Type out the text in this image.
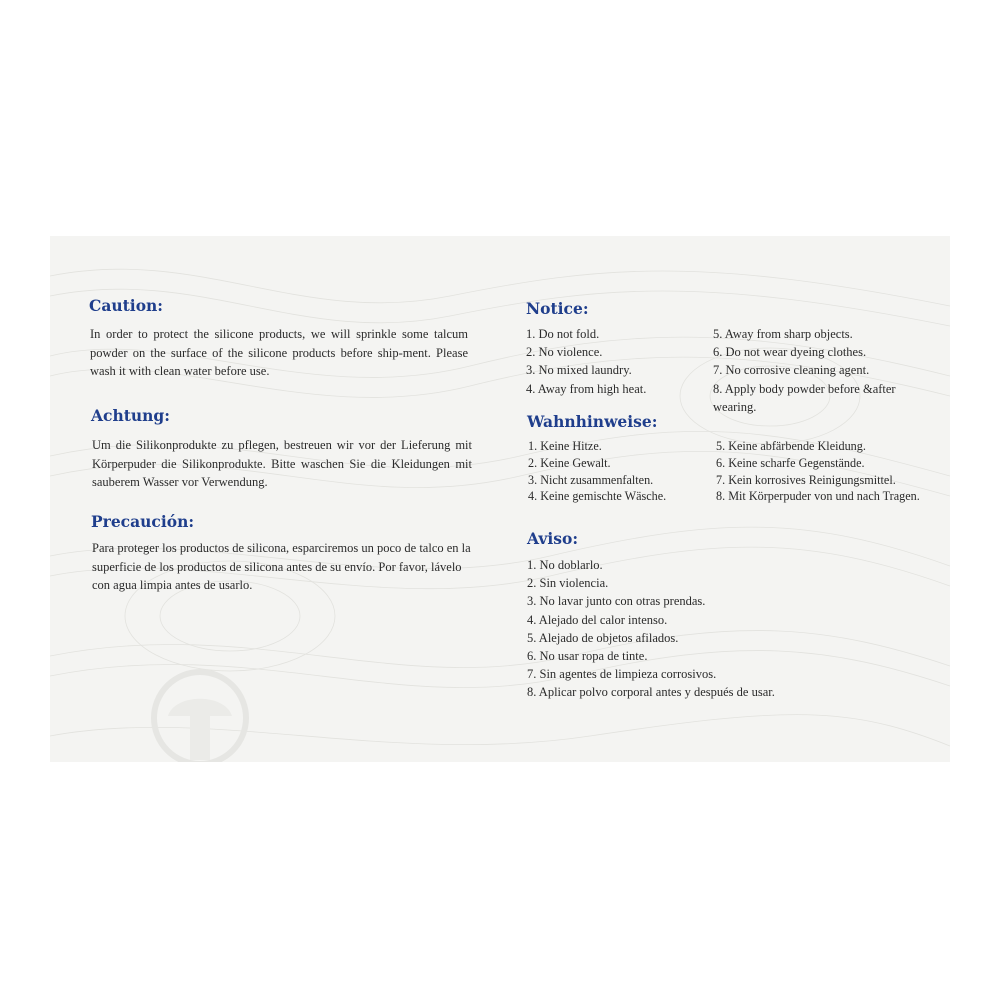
Caution:

In order to protect the silicone products, we will sprinkle some talcum powder on the surface of the silicone products before ship-ment. Please wash it with clean water before use.

Achtung:

Um die Silikonprodukte zu pflegen, bestreuen wir vor der Lieferung mit Körperpuder die Silikonprodukte. Bitte waschen Sie die Kleidungen mit sauberem Wasser vor Verwendung.

Precaución:

Para proteger los productos de silicona, esparciremos un poco de talco en la superficie de los productos de silicona antes de su envío. Por favor, lávelo con agua limpia antes de usarlo.

Notice:
1. Do not fold.
2. No violence.
3. No mixed laundry.
4. Away from high heat.
5. Away from sharp objects.
6. Do not wear dyeing clothes.
7. No corrosive cleaning agent.
8. Apply body powder before &after wearing.
Wahnhinweise:
1. Keine Hitze.
2. Keine Gewalt.
3. Nicht zusammenfalten.
4. Keine gemischte Wäsche.
5. Keine abfärbende Kleidung.
6. Keine scharfe Gegenstände.
7. Kein korrosives Reinigungsmittel.
8. Mit Körperpuder von und nach Tragen.
Aviso:
1. No doblarlo.
2. Sin violencia.
3. No lavar junto con otras prendas.
4. Alejado del calor intenso.
5. Alejado de objetos afilados.
6. No usar ropa de tinte.
7. Sin agentes de limpieza corrosivos.
8. Aplicar polvo corporal antes y después de usar.
